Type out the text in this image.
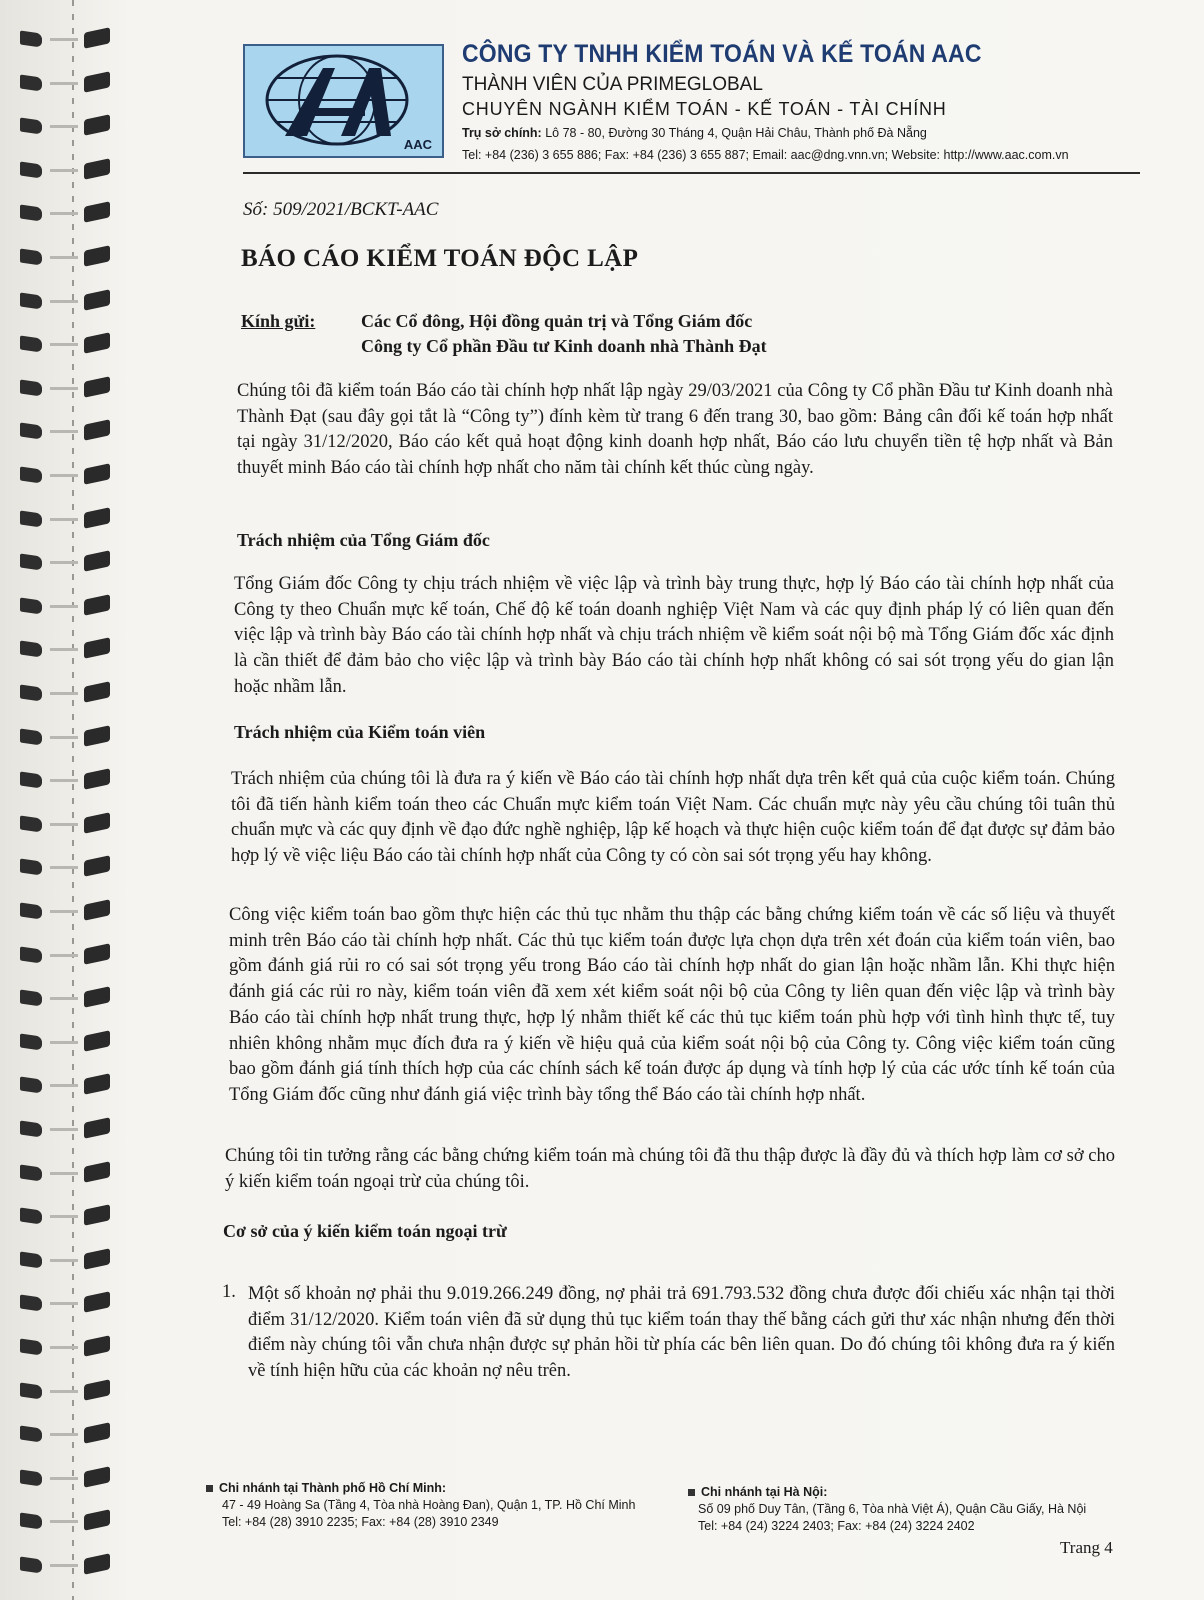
AAC
CÔNG TY TNHH KIỂM TOÁN VÀ KẾ TOÁN AAC
THÀNH VIÊN CỦA PRIMEGLOBAL
CHUYÊN NGÀNH KIỂM TOÁN - KẾ TOÁN - TÀI CHÍNH
Trụ sở chính: Lô 78 - 80, Đường 30 Tháng 4, Quận Hải Châu, Thành phố Đà Nẵng
Tel: +84 (236) 3 655 886; Fax: +84 (236) 3 655 887; Email: aac@dng.vnn.vn; Website: http://www.aac.com.vn
Số: 509/2021/BCKT-AAC
BÁO CÁO KIỂM TOÁN ĐỘC LẬP
Kính gửi:	Các Cổ đông, Hội đồng quản trị và Tổng Giám đốc
Công ty Cổ phần Đầu tư Kinh doanh nhà Thành Đạt
Chúng tôi đã kiểm toán Báo cáo tài chính hợp nhất lập ngày 29/03/2021 của Công ty Cổ phần Đầu tư Kinh doanh nhà Thành Đạt (sau đây gọi tắt là “Công ty”) đính kèm từ trang 6 đến trang 30, bao gồm: Bảng cân đối kế toán hợp nhất tại ngày 31/12/2020, Báo cáo kết quả hoạt động kinh doanh hợp nhất, Báo cáo lưu chuyển tiền tệ hợp nhất và Bản thuyết minh Báo cáo tài chính hợp nhất cho năm tài chính kết thúc cùng ngày.
Trách nhiệm của Tổng Giám đốc
Tổng Giám đốc Công ty chịu trách nhiệm về việc lập và trình bày trung thực, hợp lý Báo cáo tài chính hợp nhất của Công ty theo Chuẩn mực kế toán, Chế độ kế toán doanh nghiệp Việt Nam và các quy định pháp lý có liên quan đến việc lập và trình bày Báo cáo tài chính hợp nhất và chịu trách nhiệm về kiểm soát nội bộ mà Tổng Giám đốc xác định là cần thiết để đảm bảo cho việc lập và trình bày Báo cáo tài chính hợp nhất không có sai sót trọng yếu do gian lận hoặc nhầm lẫn.
Trách nhiệm của Kiểm toán viên
Trách nhiệm của chúng tôi là đưa ra ý kiến về Báo cáo tài chính hợp nhất dựa trên kết quả của cuộc kiểm toán. Chúng tôi đã tiến hành kiểm toán theo các Chuẩn mực kiểm toán Việt Nam. Các chuẩn mực này yêu cầu chúng tôi tuân thủ chuẩn mực và các quy định về đạo đức nghề nghiệp, lập kế hoạch và thực hiện cuộc kiểm toán để đạt được sự đảm bảo hợp lý về việc liệu Báo cáo tài chính hợp nhất của Công ty có còn sai sót trọng yếu hay không.
Công việc kiểm toán bao gồm thực hiện các thủ tục nhằm thu thập các bằng chứng kiểm toán về các số liệu và thuyết minh trên Báo cáo tài chính hợp nhất. Các thủ tục kiểm toán được lựa chọn dựa trên xét đoán của kiểm toán viên, bao gồm đánh giá rủi ro có sai sót trọng yếu trong Báo cáo tài chính hợp nhất do gian lận hoặc nhầm lẫn. Khi thực hiện đánh giá các rủi ro này, kiểm toán viên đã xem xét kiểm soát nội bộ của Công ty liên quan đến việc lập và trình bày Báo cáo tài chính hợp nhất trung thực, hợp lý nhằm thiết kế các thủ tục kiểm toán phù hợp với tình hình thực tế, tuy nhiên không nhằm mục đích đưa ra ý kiến về hiệu quả của kiểm soát nội bộ của Công ty. Công việc kiểm toán cũng bao gồm đánh giá tính thích hợp của các chính sách kế toán được áp dụng và tính hợp lý của các ước tính kế toán của Tổng Giám đốc cũng như đánh giá việc trình bày tổng thể Báo cáo tài chính hợp nhất.
Chúng tôi tin tưởng rằng các bằng chứng kiểm toán mà chúng tôi đã thu thập được là đầy đủ và thích hợp làm cơ sở cho ý kiến kiểm toán ngoại trừ của chúng tôi.
Cơ sở của ý kiến kiểm toán ngoại trừ
1. Một số khoản nợ phải thu 9.019.266.249 đồng, nợ phải trả 691.793.532 đồng chưa được đối chiếu xác nhận tại thời điểm 31/12/2020. Kiểm toán viên đã sử dụng thủ tục kiểm toán thay thế bằng cách gửi thư xác nhận nhưng đến thời điểm này chúng tôi vẫn chưa nhận được sự phản hồi từ phía các bên liên quan. Do đó chúng tôi không đưa ra ý kiến về tính hiện hữu của các khoản nợ nêu trên.
Chi nhánh tại Thành phố Hồ Chí Minh:
47 - 49 Hoàng Sa (Tầng 4, Tòa nhà Hoàng Đan), Quận 1, TP. Hồ Chí Minh
Tel: +84 (28) 3910 2235; Fax: +84 (28) 3910 2349
Chi nhánh tại Hà Nội:
Số 09 phố Duy Tân, (Tầng 6, Tòa nhà Việt Á), Quận Cầu Giấy, Hà Nội
Tel: +84 (24) 3224 2403; Fax: +84 (24) 3224 2402
Trang 4
